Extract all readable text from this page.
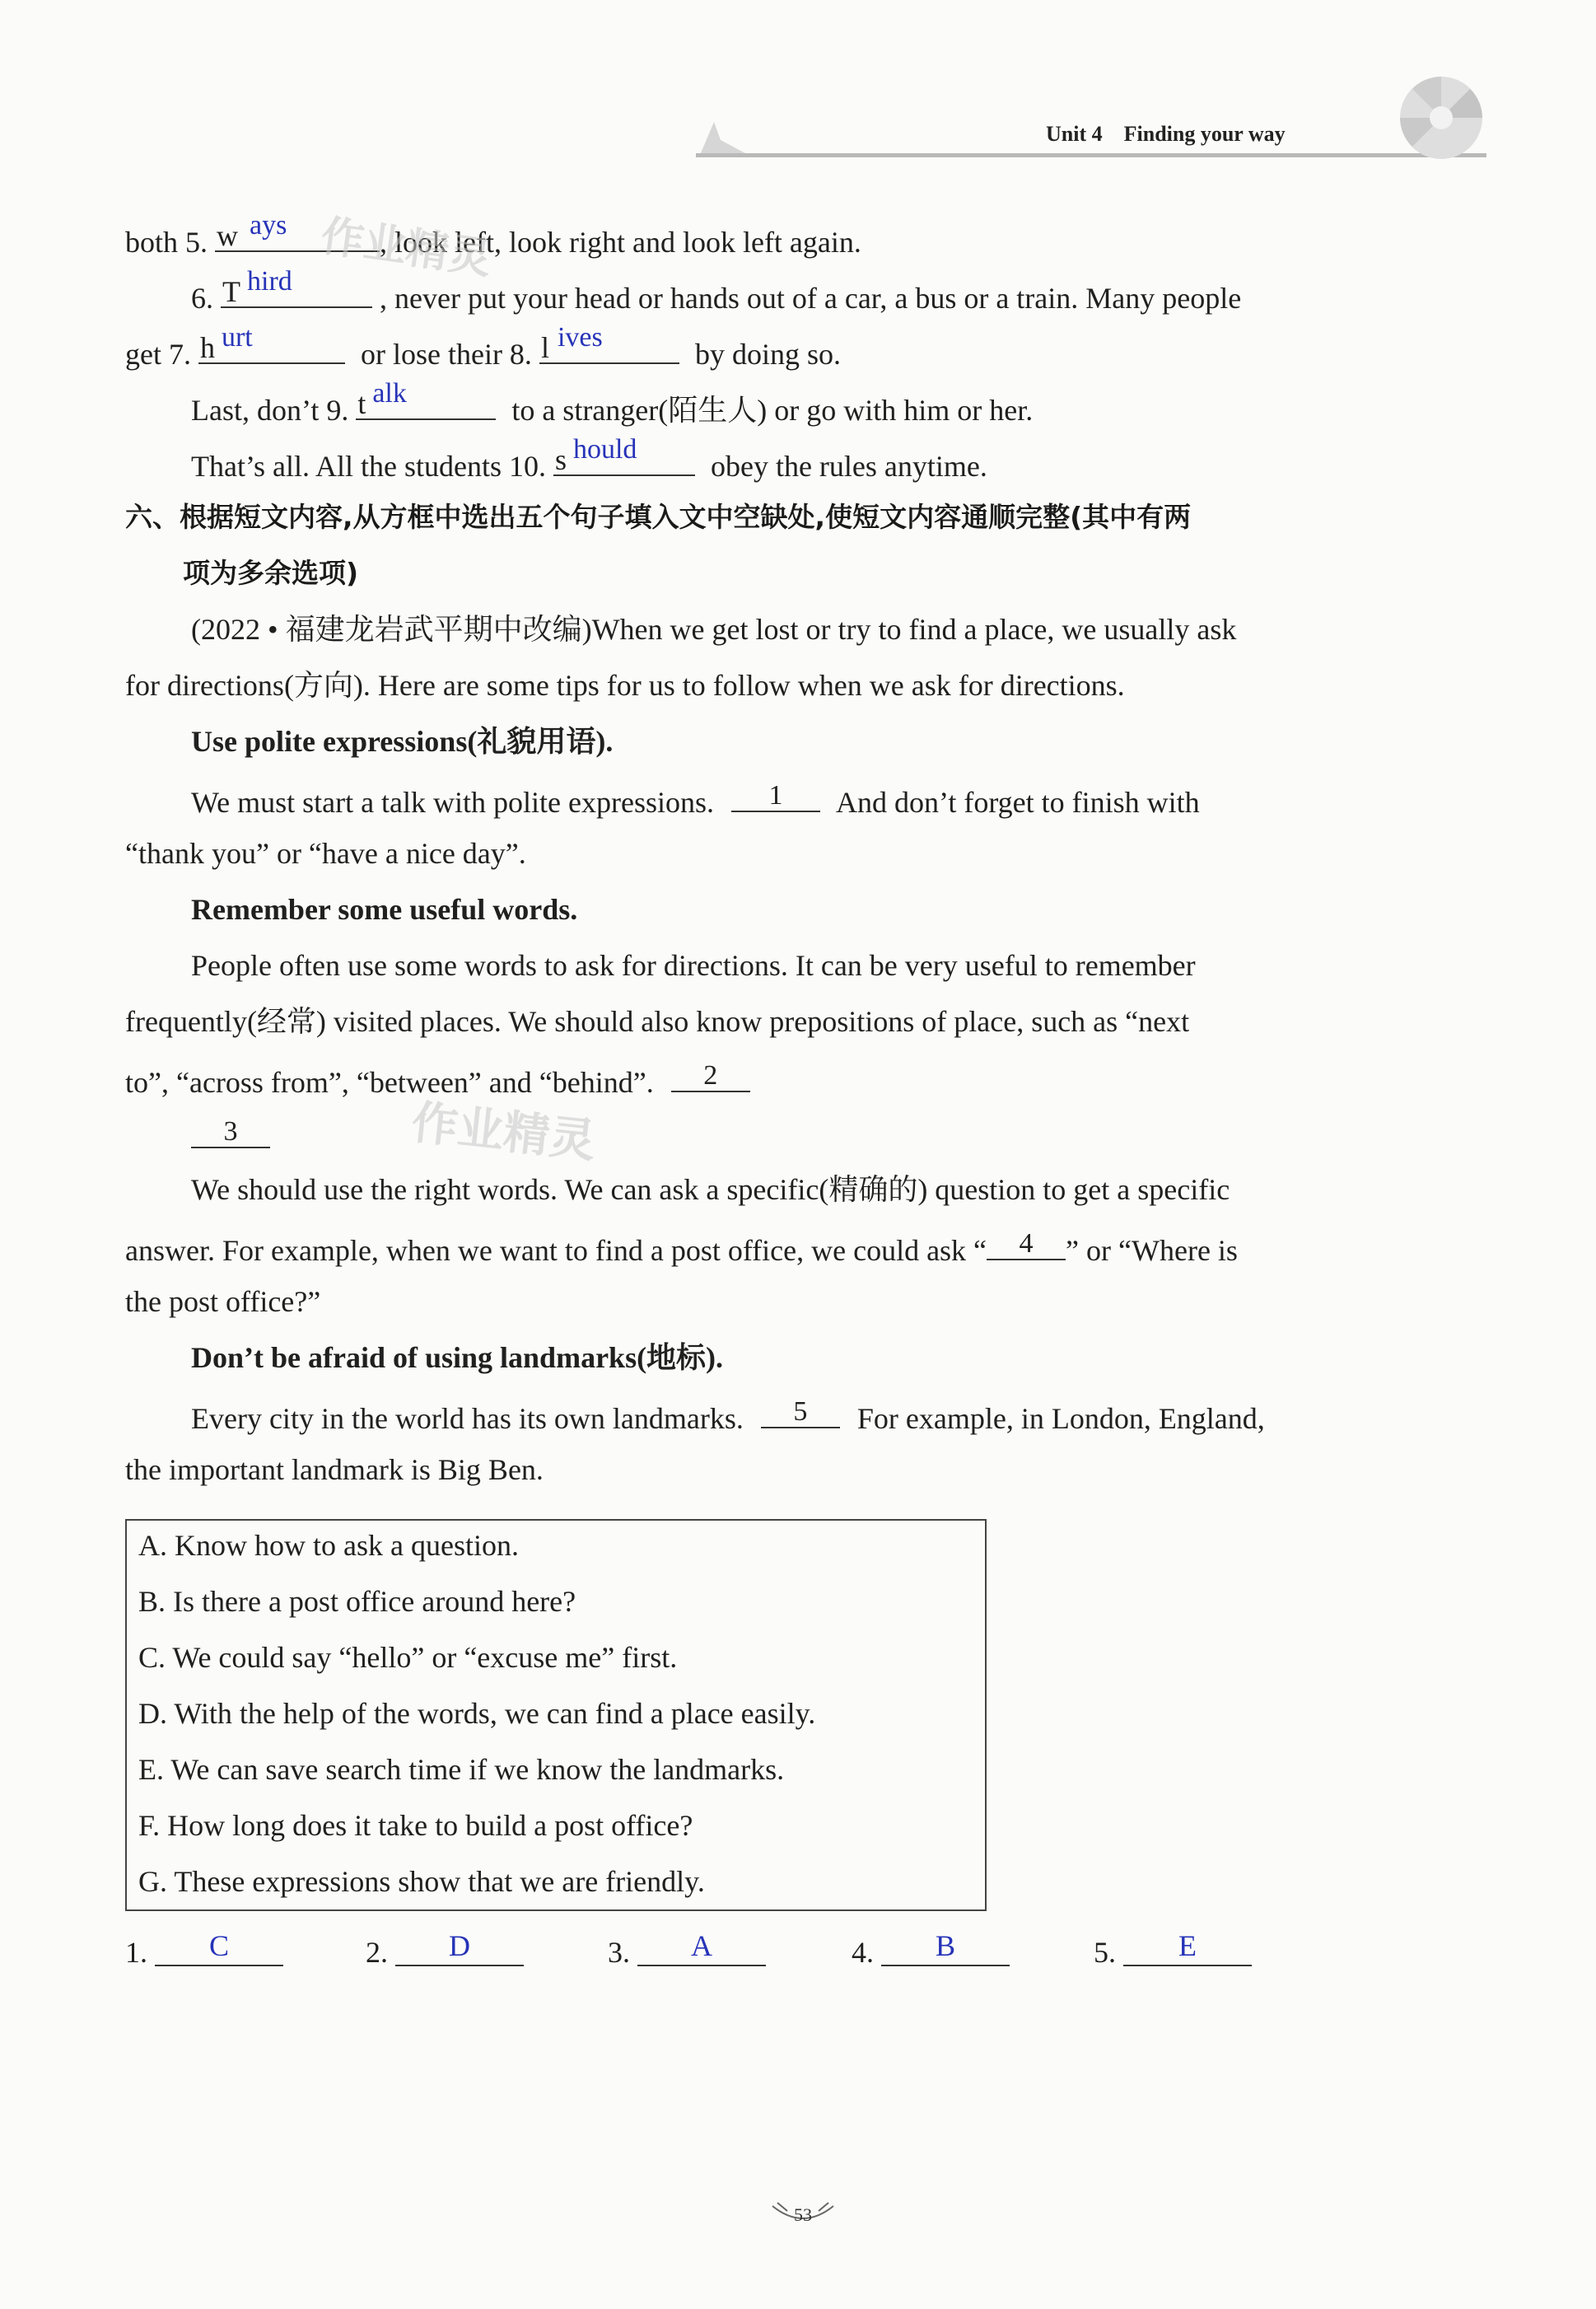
Unit 4 Finding your way
both 5. w ays
, look left, look right and look left again.
6. T hird
, never put your head or hands out of a car, a bus or a train. Many people
get 7. h urt
or lose their 8. l ives
by doing so.
Last, don’t 9. t alk
to a stranger(陌生人) or go with him or her.
That’s all. All the students 10. s hould
obey the rules anytime.
六、根据短文内容,从方框中选出五个句子填入文中空缺处,使短文内容通顺完整(其中有两
项为多余选项)
(2022 • 福建龙岩武平期中改编)When we get lost or try to find a place, we usually ask
for directions(方向). Here are some tips for us to follow when we ask for directions.
Use polite expressions(礼貌用语).
We must start a talk with polite expressions.	1	And don’t forget to finish with
“thank you” or “have a nice day”.
Remember some useful words.
People often use some words to ask for directions. It can be very useful to remember
frequently(经常) visited places. We should also know prepositions of place, such as “next
to”, “across from”, “between” and “behind”.	2
3
We should use the right words. We can ask a specific(精确的) question to get a specific
answer. For example, when we want to find a post office, we could ask “	4	” or “Where is
the post office?”
Don’t be afraid of using landmarks(地标).
Every city in the world has its own landmarks.	5	For example, in London, England,
the important landmark is Big Ben.
A. Know how to ask a question.
B. Is there a post office around here?
C. We could say “hello” or “excuse me” first.
D. With the help of the words, we can find a place easily.
E. We can save search time if we know the landmarks.
F. How long does it take to build a post office?
G. These expressions show that we are friendly.
1. C	2. D	3. A	4. B	5. E
作业精灵
作业精灵
53
